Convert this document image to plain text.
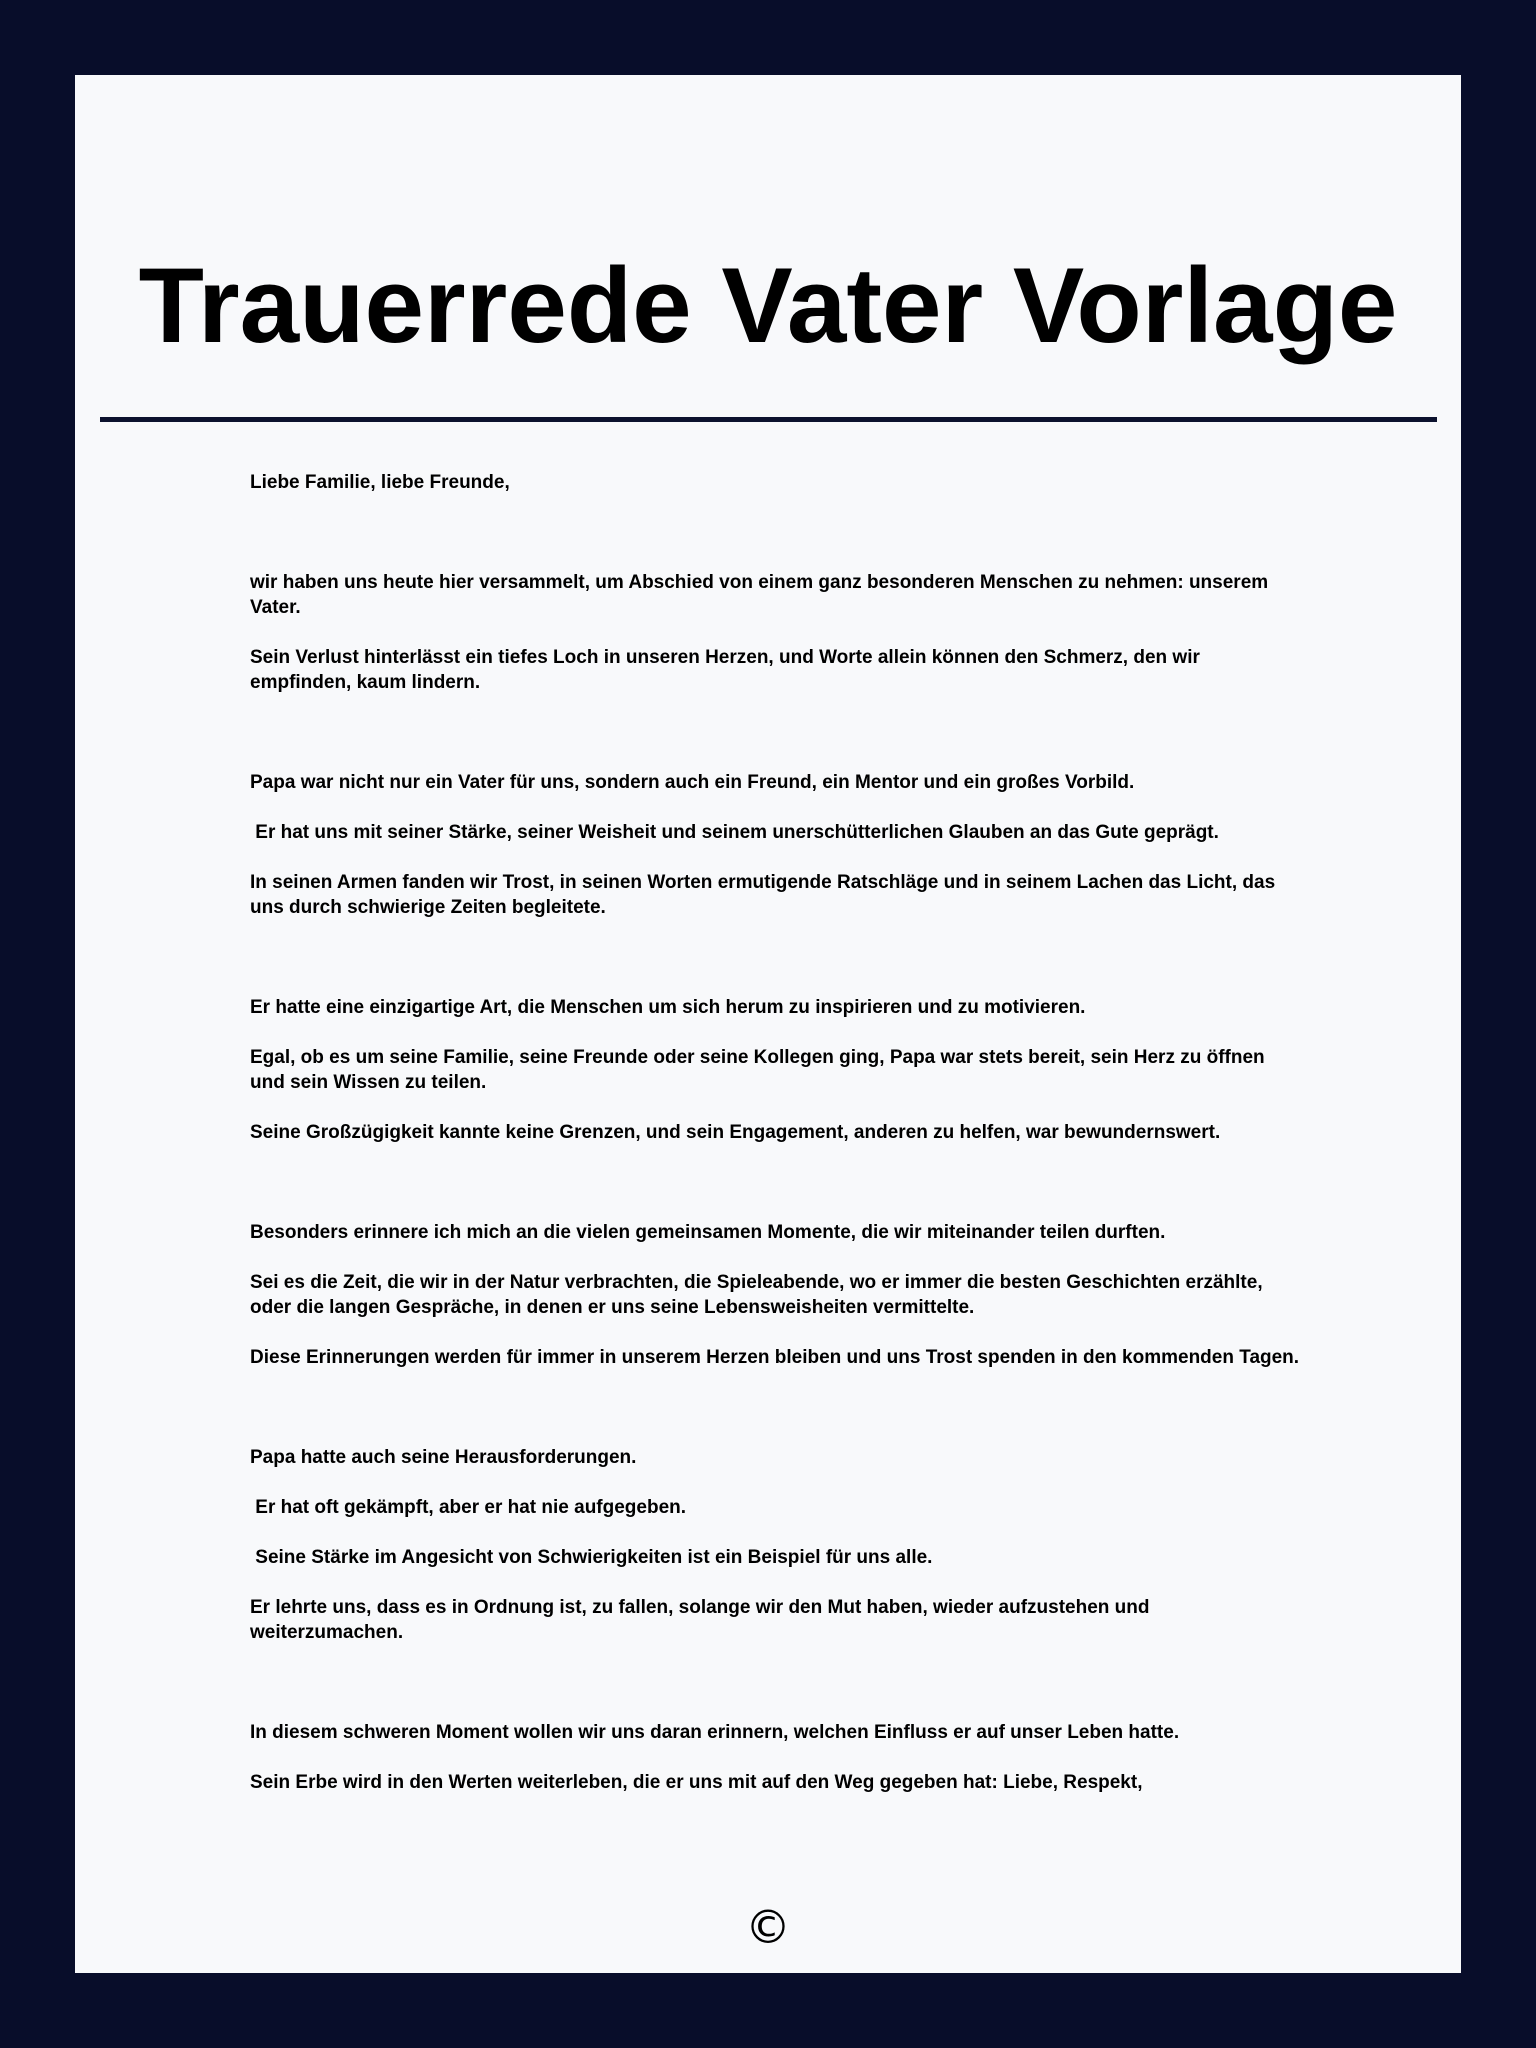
Trauerrede Vater Vorlage

Liebe Familie, liebe Freunde,

wir haben uns heute hier versammelt, um Abschied von einem ganz besonderen Menschen zu nehmen: unserem Vater.

Sein Verlust hinterlässt ein tiefes Loch in unseren Herzen, und Worte allein können den Schmerz, den wir empfinden, kaum lindern.

Papa war nicht nur ein Vater für uns, sondern auch ein Freund, ein Mentor und ein großes Vorbild.

Er hat uns mit seiner Stärke, seiner Weisheit und seinem unerschütterlichen Glauben an das Gute geprägt.

In seinen Armen fanden wir Trost, in seinen Worten ermutigende Ratschläge und in seinem Lachen das Licht, das uns durch schwierige Zeiten begleitete.

Er hatte eine einzigartige Art, die Menschen um sich herum zu inspirieren und zu motivieren.

Egal, ob es um seine Familie, seine Freunde oder seine Kollegen ging, Papa war stets bereit, sein Herz zu öffnen und sein Wissen zu teilen.

Seine Großzügigkeit kannte keine Grenzen, und sein Engagement, anderen zu helfen, war bewundernswert.

Besonders erinnere ich mich an die vielen gemeinsamen Momente, die wir miteinander teilen durften.

Sei es die Zeit, die wir in der Natur verbrachten, die Spieleabende, wo er immer die besten Geschichten erzählte, oder die langen Gespräche, in denen er uns seine Lebensweisheiten vermittelte.

Diese Erinnerungen werden für immer in unserem Herzen bleiben und uns Trost spenden in den kommenden Tagen.

Papa hatte auch seine Herausforderungen.

Er hat oft gekämpft, aber er hat nie aufgegeben.

Seine Stärke im Angesicht von Schwierigkeiten ist ein Beispiel für uns alle.

Er lehrte uns, dass es in Ordnung ist, zu fallen, solange wir den Mut haben, wieder aufzustehen und weiterzumachen.

In diesem schweren Moment wollen wir uns daran erinnern, welchen Einfluss er auf unser Leben hatte.

Sein Erbe wird in den Werten weiterleben, die er uns mit auf den Weg gegeben hat: Liebe, Respekt,

©
